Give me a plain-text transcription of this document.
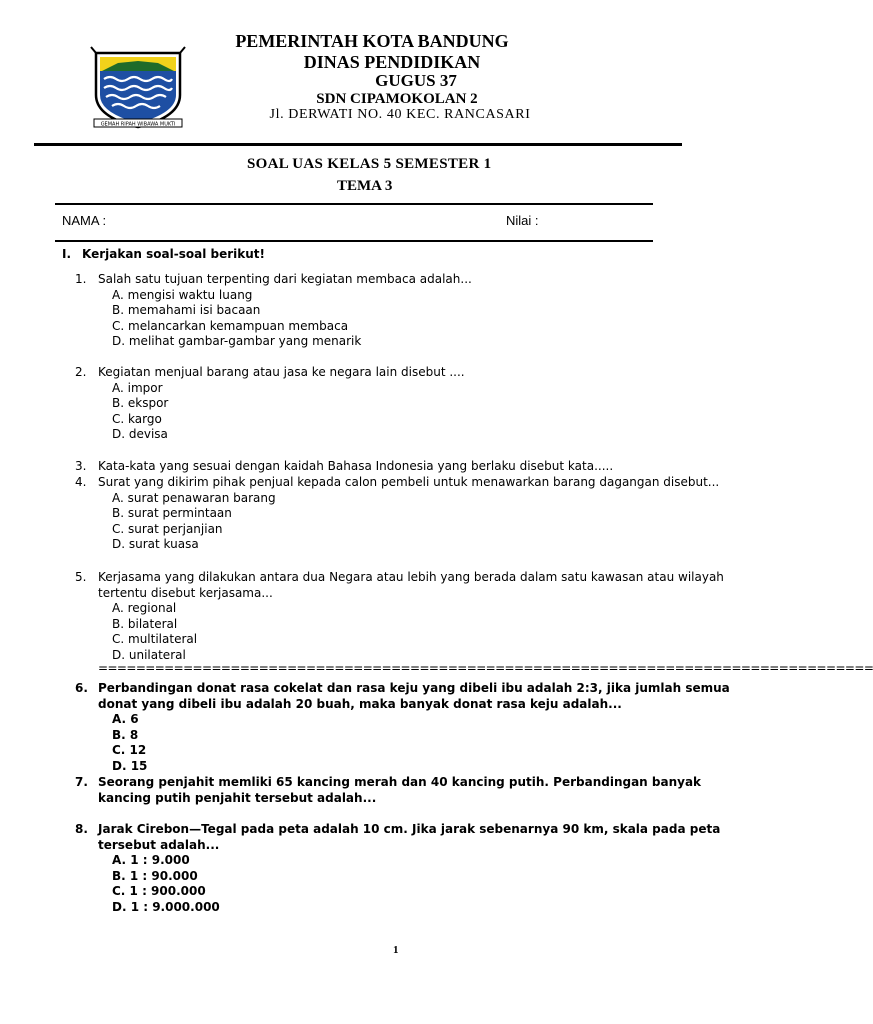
GEMAH RIPAH WIBAWA MUKTI
PEMERINTAH KOTA BANDUNG
DINAS PENDIDIKAN
GUGUS 37
SDN CIPAMOKOLAN 2
Jl. DERWATI NO. 40 KEC. RANCASARI
SOAL UAS KELAS 5 SEMESTER 1
TEMA 3
NAMA :	Nilai :
I. Kerjakan soal-soal berikut!
1. Salah satu tujuan terpenting dari kegiatan membaca adalah...
A. mengisi waktu luang
B. memahami isi bacaan
C. melancarkan kemampuan membaca
D. melihat gambar-gambar yang menarik
2. Kegiatan menjual barang atau jasa ke negara lain disebut ....
A. impor
B. ekspor
C. kargo
D. devisa
3. Kata-kata yang sesuai dengan kaidah Bahasa Indonesia yang berlaku disebut kata.....
4. Surat yang dikirim pihak penjual kepada calon pembeli untuk menawarkan barang dagangan disebut...
A. surat penawaran barang
B. surat permintaan
C. surat perjanjian
D. surat kuasa
5. Kerjasama yang dilakukan antara dua Negara atau lebih yang berada dalam satu kawasan atau wilayah tertentu disebut kerjasama...
A. regional
B. bilateral
C. multilateral
D. unilateral
==================================================================================
6. Perbandingan donat rasa cokelat dan rasa keju yang dibeli ibu adalah 2:3, jika jumlah semua donat yang dibeli ibu adalah 20 buah, maka banyak donat rasa keju adalah...
A. 6
B. 8
C. 12
D. 15
7. Seorang penjahit memliki 65 kancing merah dan 40 kancing putih. Perbandingan banyak kancing putih penjahit tersebut adalah...
8. Jarak Cirebon—Tegal pada peta adalah 10 cm. Jika jarak sebenarnya 90 km, skala pada peta tersebut adalah...
A. 1 : 9.000
B. 1 : 90.000
C. 1 : 900.000
D. 1 : 9.000.000
1
